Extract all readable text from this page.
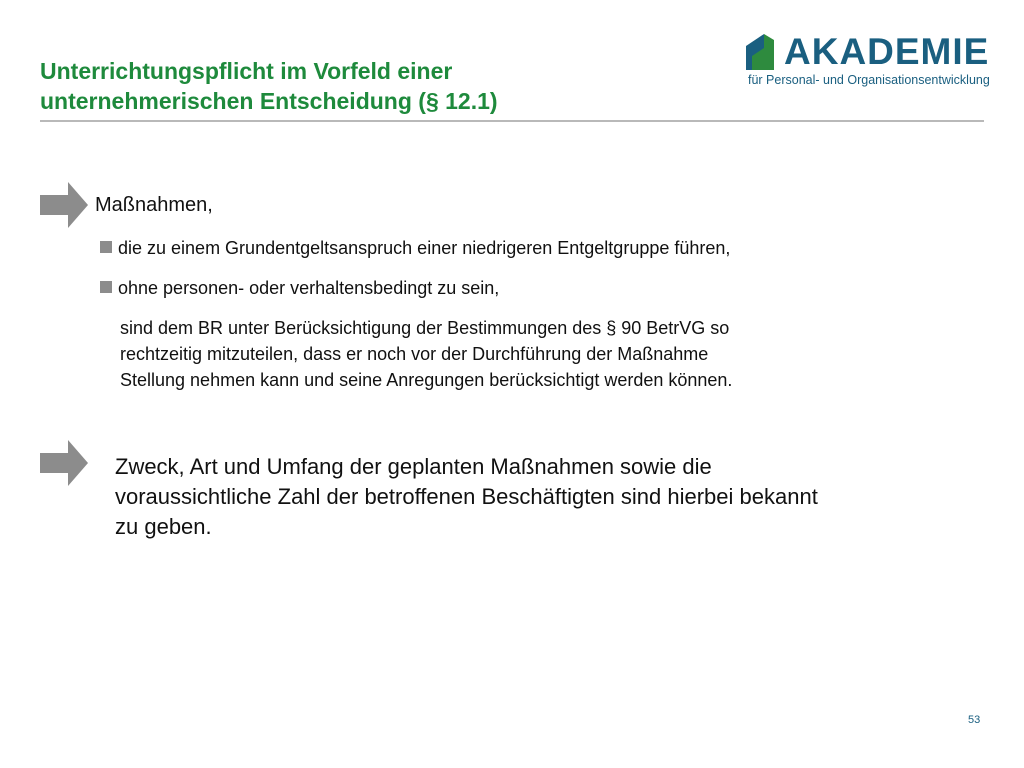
AKADEMIE
für Personal- und Organisationsentwicklung
Unterrichtungspflicht im Vorfeld einer
unternehmerischen Entscheidung (§ 12.1)
Maßnahmen,
die zu einem Grundentgeltsanspruch einer niedrigeren Entgeltgruppe führen,
ohne personen- oder verhaltensbedingt zu sein,
sind dem BR unter Berücksichtigung der Bestimmungen des § 90 BetrVG so
rechtzeitig mitzuteilen, dass er noch vor der Durchführung der Maßnahme
Stellung nehmen kann und seine Anregungen berücksichtigt werden können.
Zweck, Art und Umfang der geplanten Maßnahmen sowie die
voraussichtliche Zahl der betroffenen Beschäftigten sind hierbei bekannt
zu geben.
53
